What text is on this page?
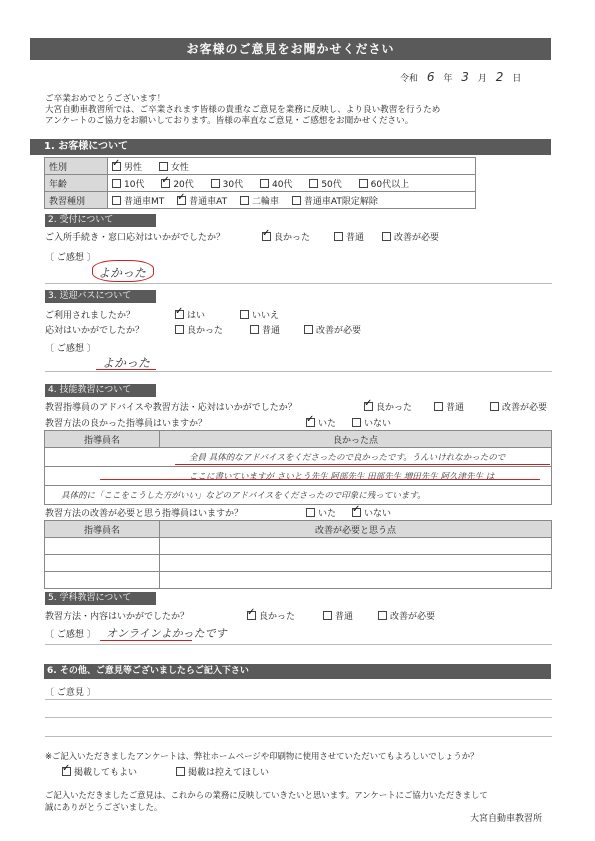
お客様のご意見をお聞かせください
令和 6 年 3 月 2 日
ご卒業おめでとうございます！
大宮自動車教習所では、ご卒業されます皆様の貴重なご意見を業務に反映し、より良い教習を行うため
アンケートのご協力をお願いしております。皆様の率直なご意見・ご感想をお聞かせください。
1. お客様について
性別	✓男性 女性
年齢	10代 ✓ 20代 30代 40代 50代 60代以上
教習種別	普通車MT ✓ 普通車AT 二輪車 普通車AT限定解除
2. 受付について
ご入所手続き・窓口応対はいかがでしたか？ ✓	良かった	普通	改善が必要
〔 ご感想 〕
よかった
3. 送迎バスについて
ご利用されましたか？ ✓	はい	いいえ
応対はいかがでしたか？	良かった	普通	改善が必要
〔 ご感想 〕
よかった
4. 技能教習について
教習指導員のアドバイスや教習方法・応対はいかがでしたか？ ✓	良かった	普通	改善が必要
教習方法の良かった指導員はいますか？ ✓	いた	いない
指導員名	良かった点
全員 具体的なアドバイスをくださったので良かったです。うんいけれなかったので
ここに書いていますが さいとう先生 阿部先生 田部先生 増田先生 阿久津先生 は
具体的に「ここをこうした方がいい」などのアドバイスをくださったので印象に残っています。
教習方法の改善が必要と思う指導員はいますか？	いた ✓	いない
指導員名	改善が必要と思う点

5. 学科教習について
教習方法・内容はいかがでしたか？ ✓	良かった	普通	改善が必要
〔 ご感想 〕 オンラインよかったです
6. その他、ご意見等ございましたらご記入下さい
〔 ご意見 〕
※ご記入いただきましたアンケートは、弊社ホームページや印刷物に使用させていただいてもよろしいでしょうか？
✓掲載してもよい	掲載は控えてほしい
ご記入いただきましたご意見は、これからの業務に反映していきたいと思います。アンケートにご協力いただきまして
誠にありがとうございました。
大宮自動車教習所
